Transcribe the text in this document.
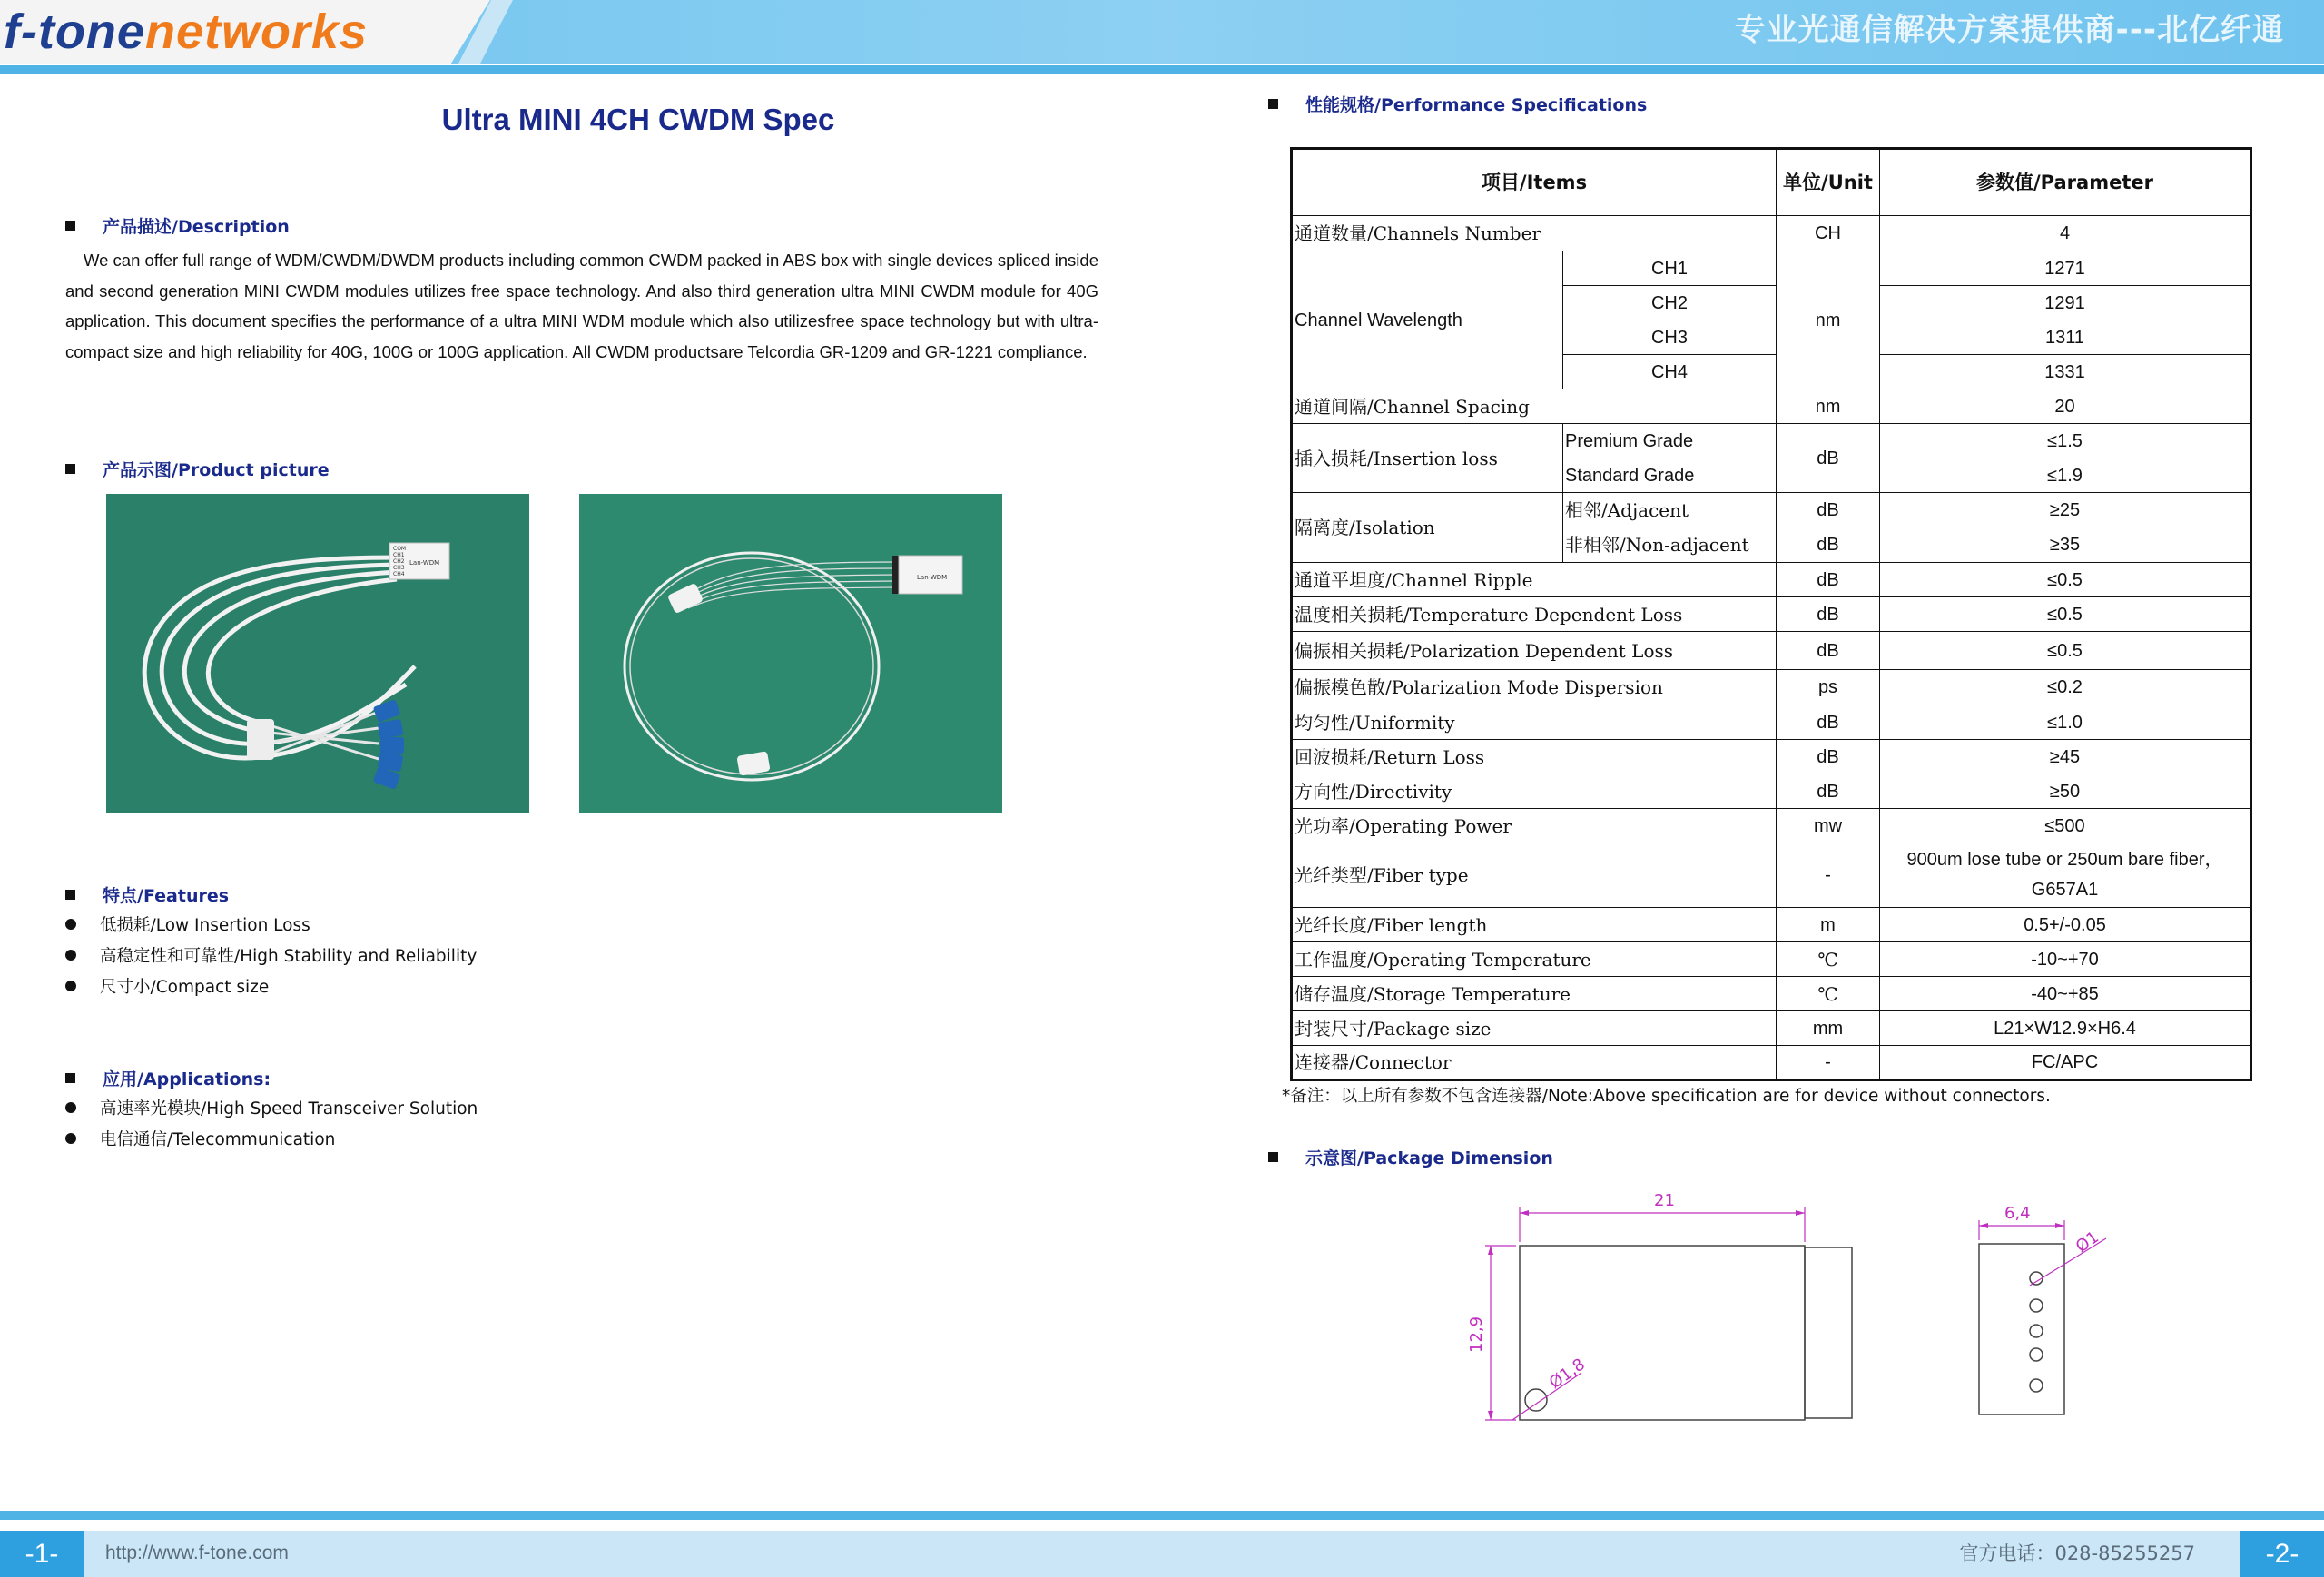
f-tonenetworks	专业光通信解决方案提供商---北亿纤通
Ultra MINI 4CH CWDM Spec
产品描述/Description
We can offer full range of WDM/CWDM/DWDM products including common CWDM packed in ABS box with single devices spliced inside and second generation MINI CWDM modules utilizes free space technology. And also third generation ultra MINI CWDM module for 40G application. This document specifies the performance of a ultra MINI WDM module which also utilizesfree space technology but with ultra-compact size and high reliability for 40G, 100G or 100G application. All CWDM productsare Telcordia GR-1209 and GR-1221 compliance.
产品示图/Product picture
COM
CH1
CH2
CH3
CH4
Lan-WDM
Lan-WDM
特点/Features
低损耗/Low Insertion Loss
高稳定性和可靠性/High Stability and Reliability
尺寸小/Compact size
应用/Applications:
高速率光模块/High Speed Transceiver Solution
电信通信/Telecommunication
性能规格/Performance Specifications
项目/Items		单位/Unit	参数值/Parameter
通道数量/Channels Number		CH	4
Channel Wavelength	CH1	nm	1271
	CH2		1291
	CH3		1311
	CH4		1331
通道间隔/Channel Spacing		nm	20
插入损耗/Insertion loss	Premium Grade	dB	≤1.5
	Standard Grade		≤1.9
隔离度/Isolation	相邻/Adjacent	dB	≥25
	非相邻/Non-adjacent	dB	≥35
通道平坦度/Channel Ripple		dB	≤0.5
温度相关损耗/Temperature Dependent Loss		dB	≤0.5
偏振相关损耗/Polarization Dependent Loss		dB	≤0.5
偏振模色散/Polarization Mode Dispersion		ps	≤0.2
均匀性/Uniformity		dB	≤1.0
回波损耗/Return Loss		dB	≥45
方向性/Directivity		dB	≥50
光功率/Operating Power		mw	≤500
光纤类型/Fiber type		-	900um lose tube or 250um bare fiber，
G657A1
光纤长度/Fiber length		m	0.5+/-0.05
工作温度/Operating Temperature		℃	-10~+70
储存温度/Storage Temperature		℃	-40~+85
封装尺寸/Package size		mm	L21×W12.9×H6.4
连接器/Connector		-	FC/APC
*备注：以上所有参数不包含连接器/Note:Above specification are for device without connectors.
示意图/Package Dimension
21
12,9
Ø1,8
6,4
Ø1
-1-	-2-
http://www.f-tone.com	官方电话：028-85255257
